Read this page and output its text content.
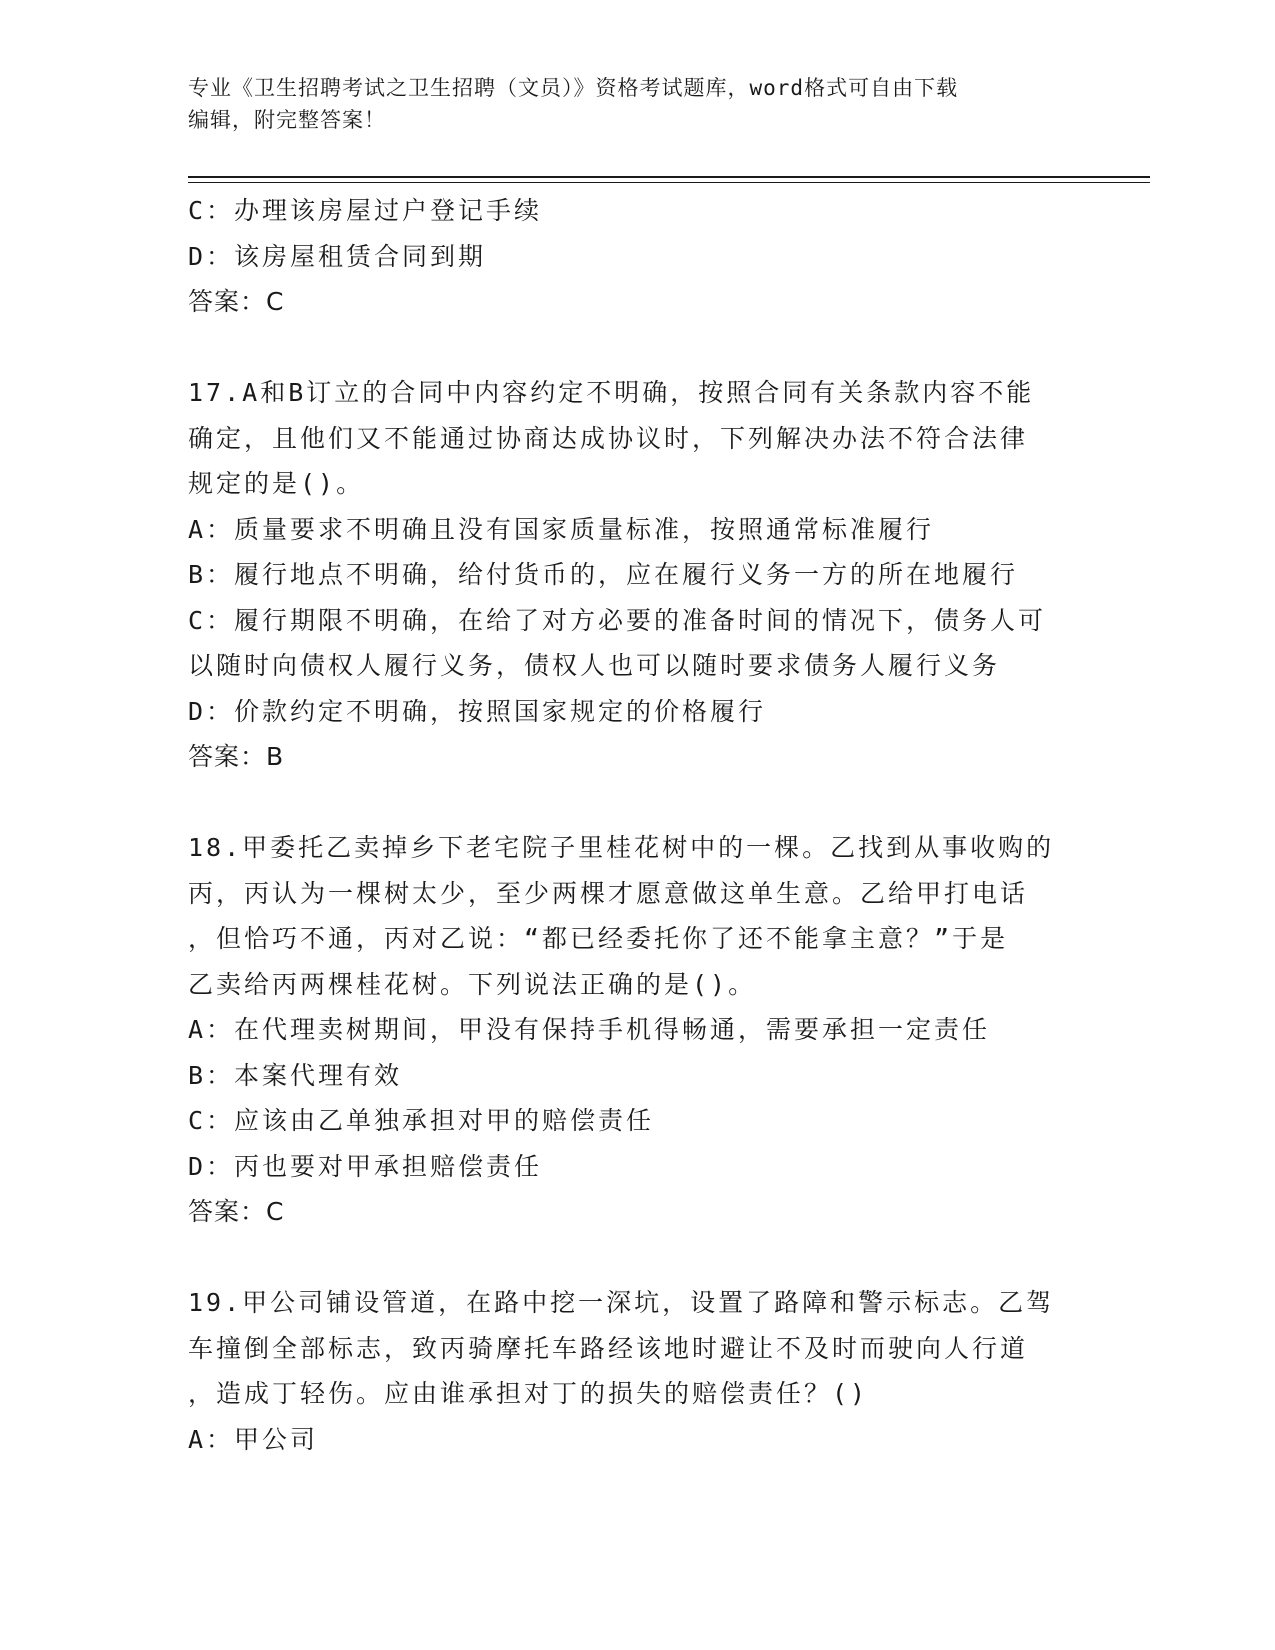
专业《卫生招聘考试之卫生招聘（文员）》资格考试题库，word格式可自由下载
编辑，附完整答案！
C：办理该房屋过户登记手续
D：该房屋租赁合同到期
答案：C
17.A和B订立的合同中内容约定不明确，按照合同有关条款内容不能
确定，且他们又不能通过协商达成协议时，下列解决办法不符合法律
规定的是()。
A：质量要求不明确且没有国家质量标准，按照通常标准履行
B：履行地点不明确，给付货币的，应在履行义务一方的所在地履行
C：履行期限不明确，在给了对方必要的准备时间的情况下，债务人可
以随时向债权人履行义务，债权人也可以随时要求债务人履行义务
D：价款约定不明确，按照国家规定的价格履行
答案：B
18.甲委托乙卖掉乡下老宅院子里桂花树中的一棵。乙找到从事收购的
丙，丙认为一棵树太少，至少两棵才愿意做这单生意。乙给甲打电话
，但恰巧不通，丙对乙说：“都已经委托你了还不能拿主意？”于是
乙卖给丙两棵桂花树。下列说法正确的是()。
A：在代理卖树期间，甲没有保持手机得畅通，需要承担一定责任
B：本案代理有效
C：应该由乙单独承担对甲的赔偿责任
D：丙也要对甲承担赔偿责任
答案：C
19.甲公司铺设管道，在路中挖一深坑，设置了路障和警示标志。乙驾
车撞倒全部标志，致丙骑摩托车路经该地时避让不及时而驶向人行道
，造成丁轻伤。应由谁承担对丁的损失的赔偿责任？()
A：甲公司
